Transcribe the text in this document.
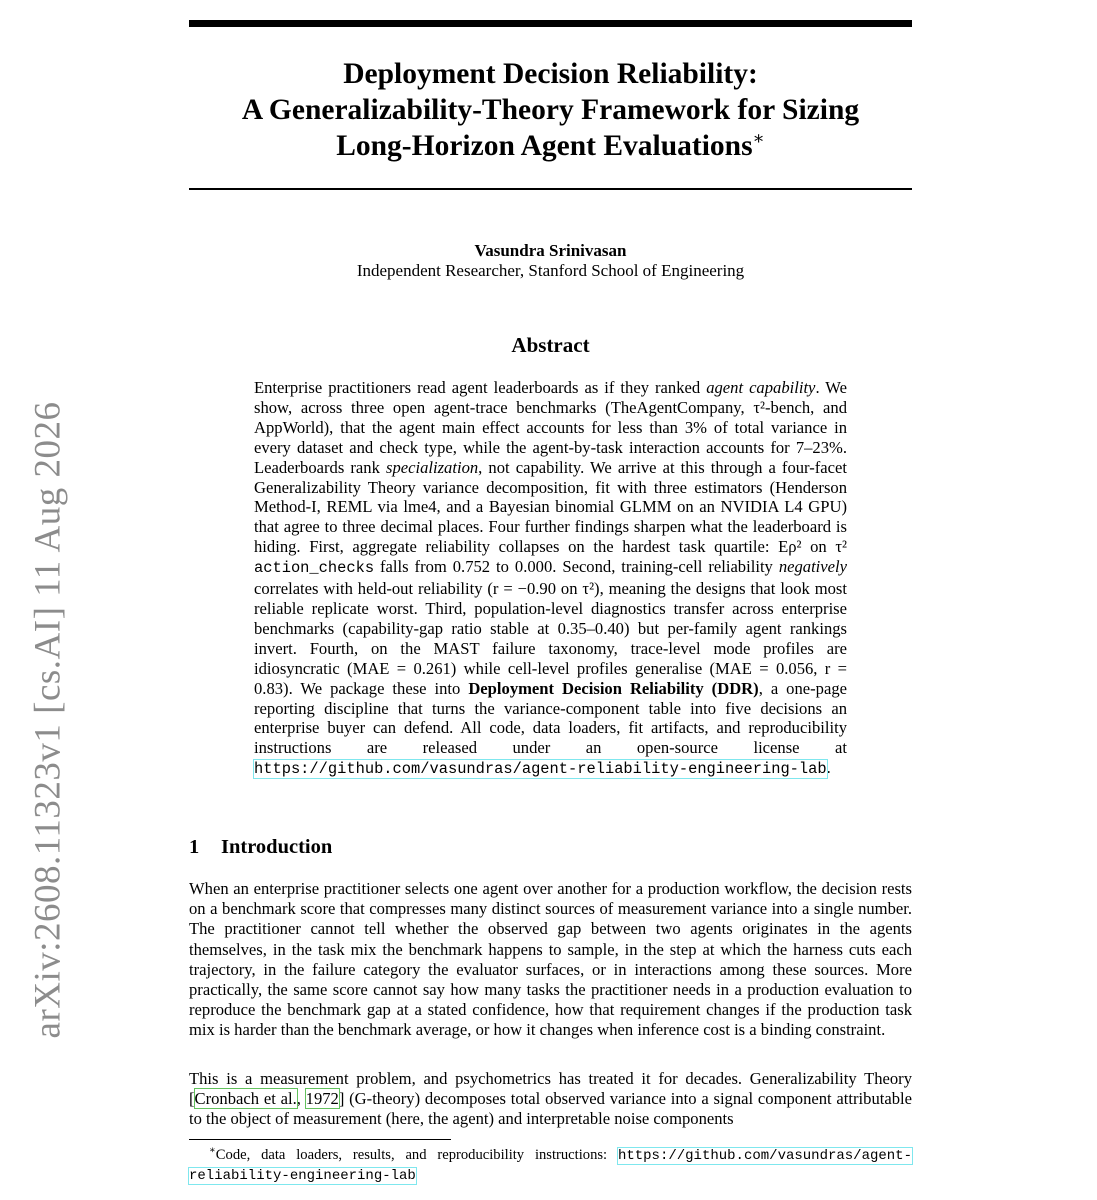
arXiv:2608.11323v1 [cs.AI] 11 Aug 2026
Deployment Decision Reliability:
A Generalizability-Theory Framework for Sizing
Long-Horizon Agent Evaluations∗
Vasundra Srinivasan
Independent Researcher, Stanford School of Engineering
Abstract

Enterprise practitioners read agent leaderboards as if they ranked agent capability. We show, across three open agent-trace benchmarks (TheAgentCompany, τ²-bench, and AppWorld), that the agent main effect accounts for less than 3% of total variance in every dataset and check type, while the agent-by-task interaction accounts for 7–23%. Leaderboards rank specialization, not capability. We arrive at this through a four-facet Generalizability Theory variance decomposition, fit with three estimators (Henderson Method-I, REML via lme4, and a Bayesian binomial GLMM on an NVIDIA L4 GPU) that agree to three decimal places. Four further findings sharpen what the leaderboard is hiding. First, aggregate reliability collapses on the hardest task quartile: Eρ² on τ² action_checks falls from 0.752 to 0.000. Second, training-cell reliability negatively correlates with held-out reliability (r = −0.90 on τ²), meaning the designs that look most reliable replicate worst. Third, population-level diagnostics transfer across enterprise benchmarks (capability-gap ratio stable at 0.35–0.40) but per-family agent rankings invert. Fourth, on the MAST failure taxonomy, trace-level mode profiles are idiosyncratic (MAE = 0.261) while cell-level profiles generalise (MAE = 0.056, r = 0.83). We package these into Deployment Decision Reliability (DDR), a one-page reporting discipline that turns the variance-component table into five decisions an enterprise buyer can defend. All code, data loaders, fit artifacts, and reproducibility instructions are released under an open-source license at https://github.com/vasundras/agent-reliability-engineering-lab.

1 Introduction

When an enterprise practitioner selects one agent over another for a production workflow, the decision rests on a benchmark score that compresses many distinct sources of measurement variance into a single number. The practitioner cannot tell whether the observed gap between two agents originates in the agents themselves, in the task mix the benchmark happens to sample, in the step at which the harness cuts each trajectory, in the failure category the evaluator surfaces, or in interactions among these sources. More practically, the same score cannot say how many tasks the practitioner needs in a production evaluation to reproduce the benchmark gap at a stated confidence, how that requirement changes if the production task mix is harder than the benchmark average, or how it changes when inference cost is a binding constraint.

This is a measurement problem, and psychometrics has treated it for decades. Generalizability Theory [Cronbach et al., 1972] (G-theory) decomposes total observed variance into a signal component attributable to the object of measurement (here, the agent) and interpretable noise components

∗Code, data loaders, results, and reproducibility instructions: https://github.com/vasundras/agent-reliability-engineering-lab
